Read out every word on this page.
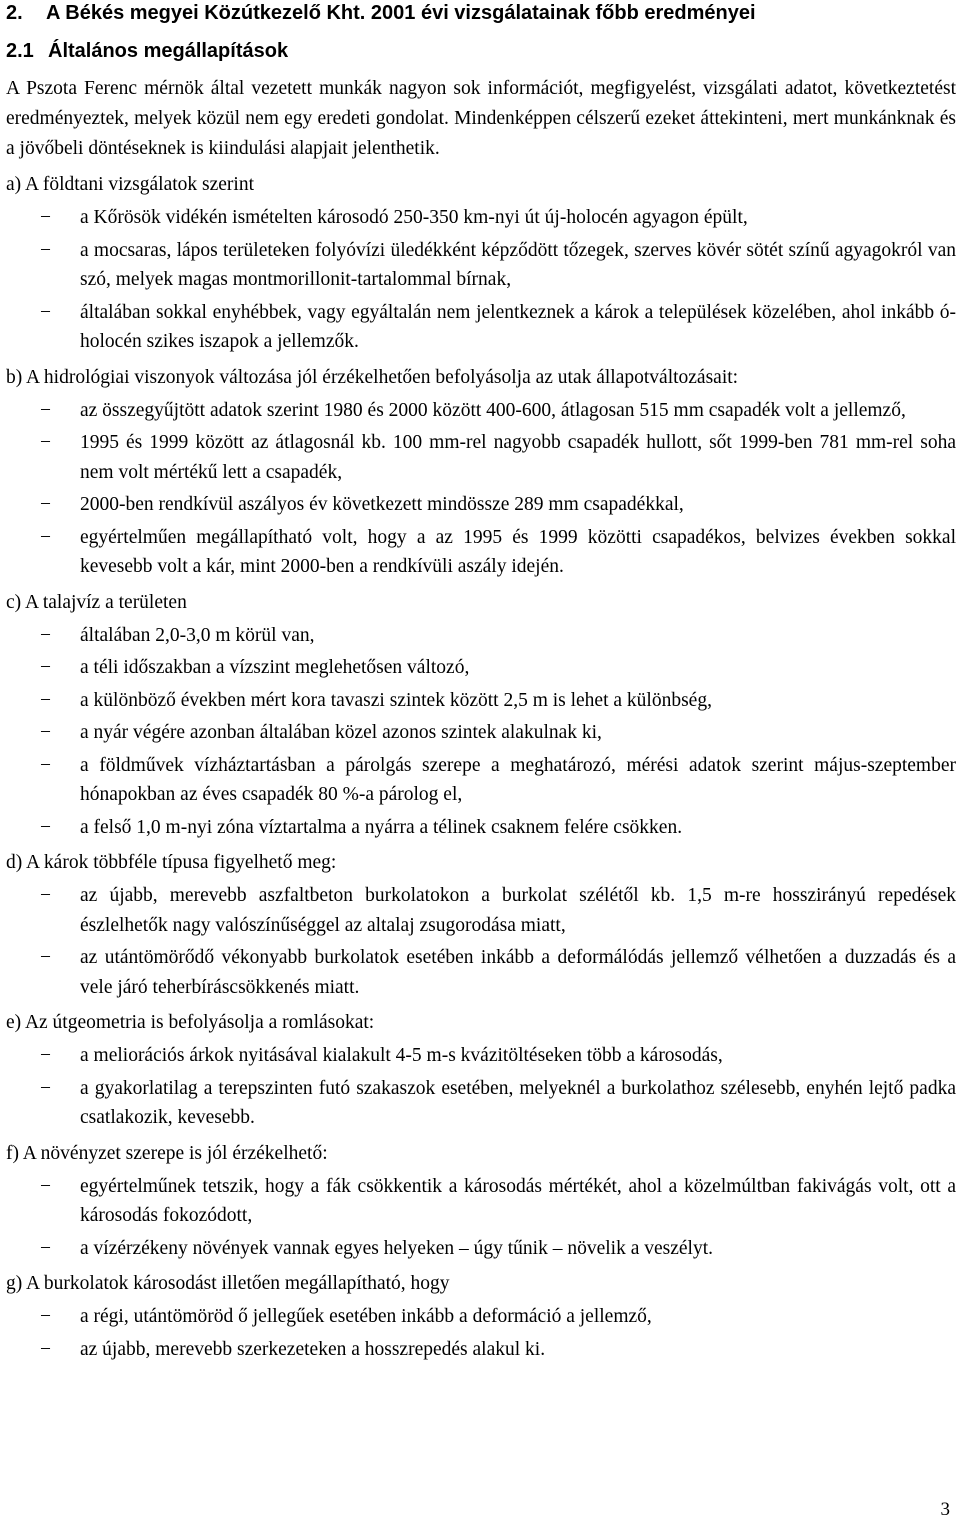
2. A Békés megyei Közútkezelő Kht. 2001 évi vizsgálatainak főbb eredményei
2.1 Általános megállapítások
A Pszota Ferenc mérnök által vezetett munkák nagyon sok információt, megfigyelést, vizsgálati adatot, következtetést eredményeztek, melyek közül nem egy eredeti gondolat. Mindenképpen célszerű ezeket áttekinteni, mert munkánknak és a jövőbeli döntéseknek is kiindulási alapjait jelenthetik.
a) A földtani vizsgálatok szerint
− a Kőrösök vidékén ismételten károsodó 250-350 km-nyi út új-holocén agyagon épült,
− a mocsaras, lápos területeken folyóvízi üledékként képződött tőzegek, szerves kövér sötét színű agyagokról van szó, melyek magas montmorillonit-tartalommal bírnak,
− általában sokkal enyhébbek, vagy egyáltalán nem jelentkeznek a károk a települések közelében, ahol inkább ó-holocén szikes iszapok a jellemzők.
b) A hidrológiai viszonyok változása jól érzékelhetően befolyásolja az utak állapotváltozásait:
− az összegyűjtött adatok szerint 1980 és 2000 között 400-600, átlagosan 515 mm csapadék volt a jellemző,
− 1995 és 1999 között az átlagosnál kb. 100 mm-rel nagyobb csapadék hullott, sőt 1999-ben 781 mm-rel soha nem volt mértékű lett a csapadék,
− 2000-ben rendkívül aszályos év következett mindössze 289 mm csapadékkal,
− egyértelműen megállapítható volt, hogy a az 1995 és 1999 közötti csapadékos, belvizes években sokkal kevesebb volt a kár, mint 2000-ben a rendkívüli aszály idején.
c) A talajvíz a területen
− általában 2,0-3,0 m körül van,
− a téli időszakban a vízszint meglehetősen változó,
− a különböző években mért kora tavaszi szintek között 2,5 m is lehet a különbség,
− a nyár végére azonban általában közel azonos szintek alakulnak ki,
− a földművek vízháztartásban a párolgás szerepe a meghatározó, mérési adatok szerint május-szeptember hónapokban az éves csapadék 80 %-a párolog el,
− a felső 1,0 m-nyi zóna víztartalma a nyárra a télinek csaknem felére csökken.
d) A károk többféle típusa figyelhető meg:
− az újabb, merevebb aszfaltbeton burkolatokon a burkolat szélétől kb. 1,5 m-re hosszirányú repedések észlelhetők nagy valószínűséggel az altalaj zsugorodása miatt,
− az utántömörődő vékonyabb burkolatok esetében inkább a deformálódás jellemző vélhetően a duzzadás és a vele járó teherbíráscsökkenés miatt.
e) Az útgeometria is befolyásolja a romlásokat:
− a meliorációs árkok nyitásával kialakult 4-5 m-s kvázitöltéseken több a károsodás,
− a gyakorlatilag a terepszinten futó szakaszok esetében, melyeknél a burkolathoz szélesebb, enyhén lejtő padka csatlakozik, kevesebb.
f) A növényzet szerepe is jól érzékelhető:
− egyértelműnek tetszik, hogy a fák csökkentik a károsodás mértékét, ahol a közelmúltban fakivágás volt, ott a károsodás fokozódott,
− a vízérzékeny növények vannak egyes helyeken – úgy tűnik – növelik a veszélyt.
g) A burkolatok károsodást illetően megállapítható, hogy
− a régi, utántömöröd ő jellegűek esetében inkább a deformáció a jellemző,
− az újabb, merevebb szerkezeteken a hosszrepedés alakul ki.
3
